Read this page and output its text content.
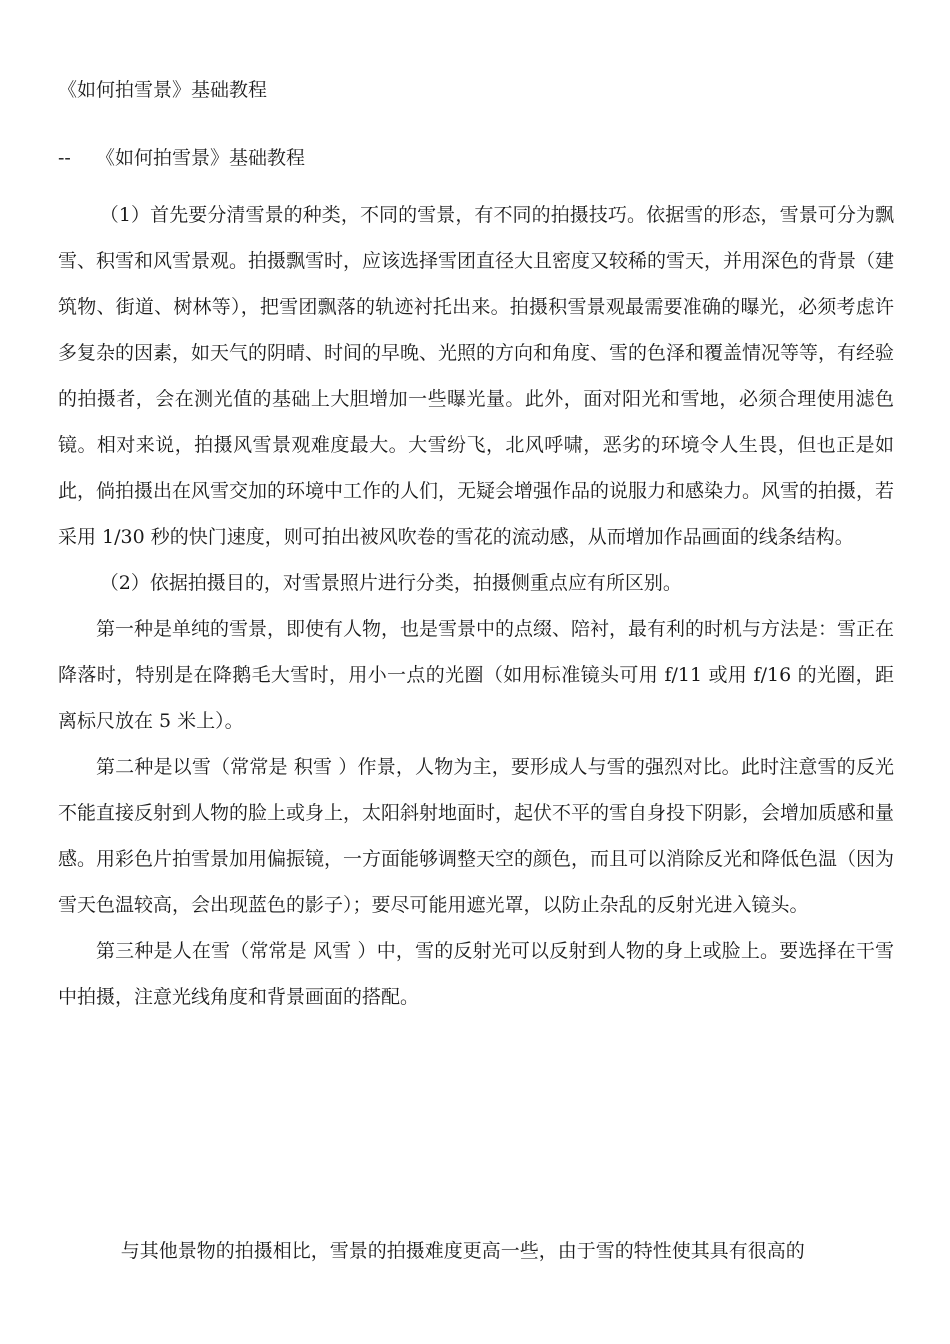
《如何拍雪景》基础教程
-- 《如何拍雪景》基础教程

（1）首先要分清雪景的种类，不同的雪景，有不同的拍摄技巧。依据雪的形态，雪景可分为飘雪、积雪和风雪景观。拍摄飘雪时，应该选择雪团直径大且密度又较稀的雪天，并用深色的背景（建筑物、街道、树林等），把雪团飘落的轨迹衬托出来。拍摄积雪景观最需要准确的曝光，必须考虑许多复杂的因素，如天气的阴晴、时间的早晚、光照的方向和角度、雪的色泽和覆盖情况等等，有经验的拍摄者，会在测光值的基础上大胆增加一些曝光量。此外，面对阳光和雪地，必须合理使用滤色镜。相对来说，拍摄风雪景观难度最大。大雪纷飞，北风呼啸，恶劣的环境令人生畏，但也正是如此，倘拍摄出在风雪交加的环境中工作的人们，无疑会增强作品的说服力和感染力。风雪的拍摄，若采用 1/30 秒的快门速度，则可拍出被风吹卷的雪花的流动感，从而增加作品画面的线条结构。

（2）依据拍摄目的，对雪景照片进行分类，拍摄侧重点应有所区别。

第一种是单纯的雪景，即使有人物，也是雪景中的点缀、陪衬，最有利的时机与方法是：雪正在降落时，特别是在降鹅毛大雪时，用小一点的光圈（如用标准镜头可用 f/11 或用 f/16 的光圈，距离标尺放在 5 米上）。

第二种是以雪（常常是 积雪 ）作景，人物为主，要形成人与雪的强烈对比。此时注意雪的反光不能直接反射到人物的脸上或身上，太阳斜射地面时，起伏不平的雪自身投下阴影，会增加质感和量感。用彩色片拍雪景加用偏振镜，一方面能够调整天空的颜色，而且可以消除反光和降低色温（因为雪天色温较高，会出现蓝色的影子）；要尽可能用遮光罩，以防止杂乱的反射光进入镜头。

第三种是人在雪（常常是 风雪 ）中，雪的反射光可以反射到人物的身上或脸上。要选择在干雪中拍摄，注意光线角度和背景画面的搭配。

与其他景物的拍摄相比，雪景的拍摄难度更高一些，由于雪的特性使其具有很高的
